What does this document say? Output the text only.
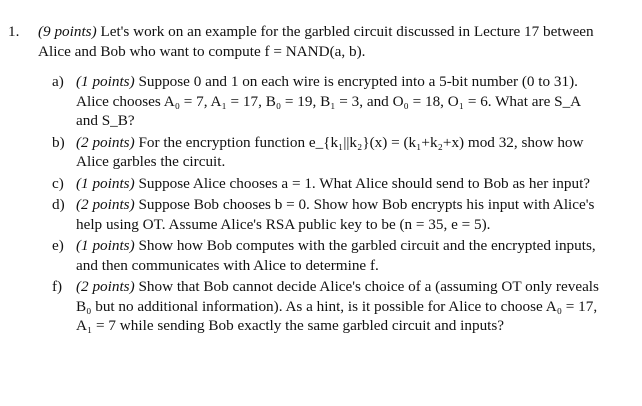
1.	(9 points) Let's work on an example for the garbled circuit discussed in Lecture 17 between Alice and Bob who want to compute f = NAND(a, b).
a) (1 points) Suppose 0 and 1 on each wire is encrypted into a 5-bit number (0 to 31). Alice chooses A₀ = 7, A₁ = 17, B₀ = 19, B₁ = 3, and O₀ = 18, O₁ = 6. What are S_A and S_B?
b) (2 points) For the encryption function e_{k₁||k₂}(x) = (k₁+k₂+x) mod 32, show how Alice garbles the circuit.
c) (1 points) Suppose Alice chooses a = 1. What Alice should send to Bob as her input?
d) (2 points) Suppose Bob chooses b = 0. Show how Bob encrypts his input with Alice's help using OT. Assume Alice's RSA public key to be (n = 35, e = 5).
e) (1 points) Show how Bob computes with the garbled circuit and the encrypted inputs, and then communicates with Alice to determine f.
f) (2 points) Show that Bob cannot decide Alice's choice of a (assuming OT only reveals B₀ but no additional information). As a hint, is it possible for Alice to choose A₀ = 17, A₁ = 7 while sending Bob exactly the same garbled circuit and inputs?
